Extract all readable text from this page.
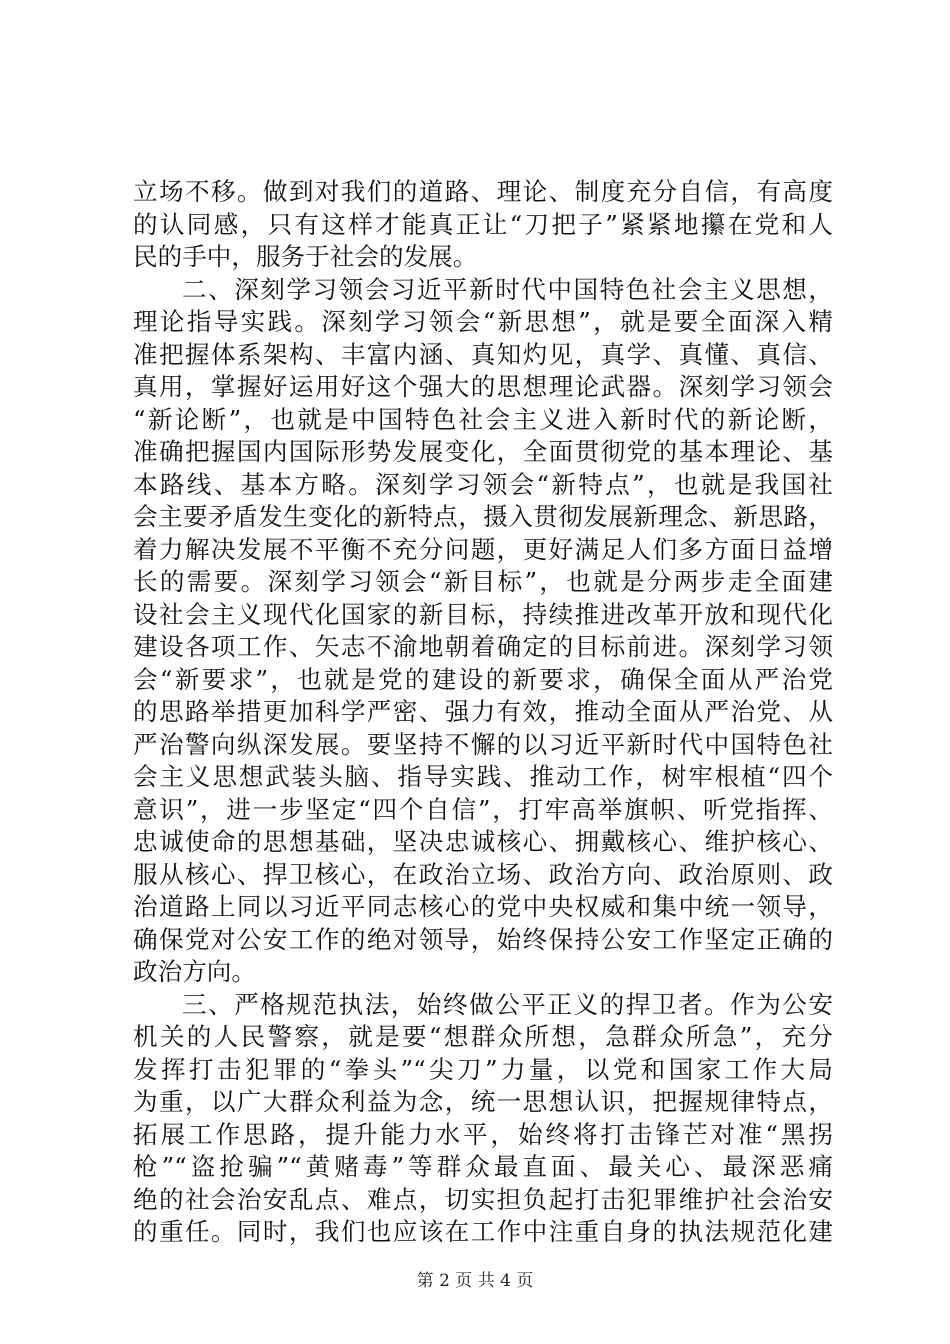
立场不移。做到对我们的道路、理论、制度充分自信，有高度
的认同感，只有这样才能真正让“刀把子”紧紧地攥在党和人
民的手中，服务于社会的发展。
二、深刻学习领会习近平新时代中国特色社会主义思想，
理论指导实践。深刻学习领会“新思想”，就是要全面深入精
准把握体系架构、丰富内涵、真知灼见，真学、真懂、真信、
真用，掌握好运用好这个强大的思想理论武器。深刻学习领会
“新论断”，也就是中国特色社会主义进入新时代的新论断，
准确把握国内国际形势发展变化，全面贯彻党的基本理论、基
本路线、基本方略。深刻学习领会“新特点”，也就是我国社
会主要矛盾发生变化的新特点，摄入贯彻发展新理念、新思路，
着力解决发展不平衡不充分问题，更好满足人们多方面日益增
长的需要。深刻学习领会“新目标”，也就是分两步走全面建
设社会主义现代化国家的新目标，持续推进改革开放和现代化
建设各项工作、矢志不渝地朝着确定的目标前进。深刻学习领
会“新要求”，也就是党的建设的新要求，确保全面从严治党
的思路举措更加科学严密、强力有效，推动全面从严治党、从
严治警向纵深发展。要坚持不懈的以习近平新时代中国特色社
会主义思想武装头脑、指导实践、推动工作，树牢根植“四个
意识”，进一步坚定“四个自信”，打牢高举旗帜、听党指挥、
忠诚使命的思想基础，坚决忠诚核心、拥戴核心、维护核心、
服从核心、捍卫核心，在政治立场、政治方向、政治原则、政
治道路上同以习近平同志核心的党中央权威和集中统一领导，
确保党对公安工作的绝对领导，始终保持公安工作坚定正确的
政治方向。
三、严格规范执法，始终做公平正义的捍卫者。作为公安
机关的人民警察，就是要“想群众所想，急群众所急”，充分
发挥打击犯罪的“拳头”“尖刀”力量，以党和国家工作大局
为重，以广大群众利益为念，统一思想认识，把握规律特点，
拓展工作思路，提升能力水平，始终将打击锋芒对准“黑拐
枪”“盗抢骗”“黄赌毒”等群众最直面、最关心、最深恶痛
绝的社会治安乱点、难点，切实担负起打击犯罪维护社会治安
的重任。同时，我们也应该在工作中注重自身的执法规范化建
第 2 页 共 4 页
